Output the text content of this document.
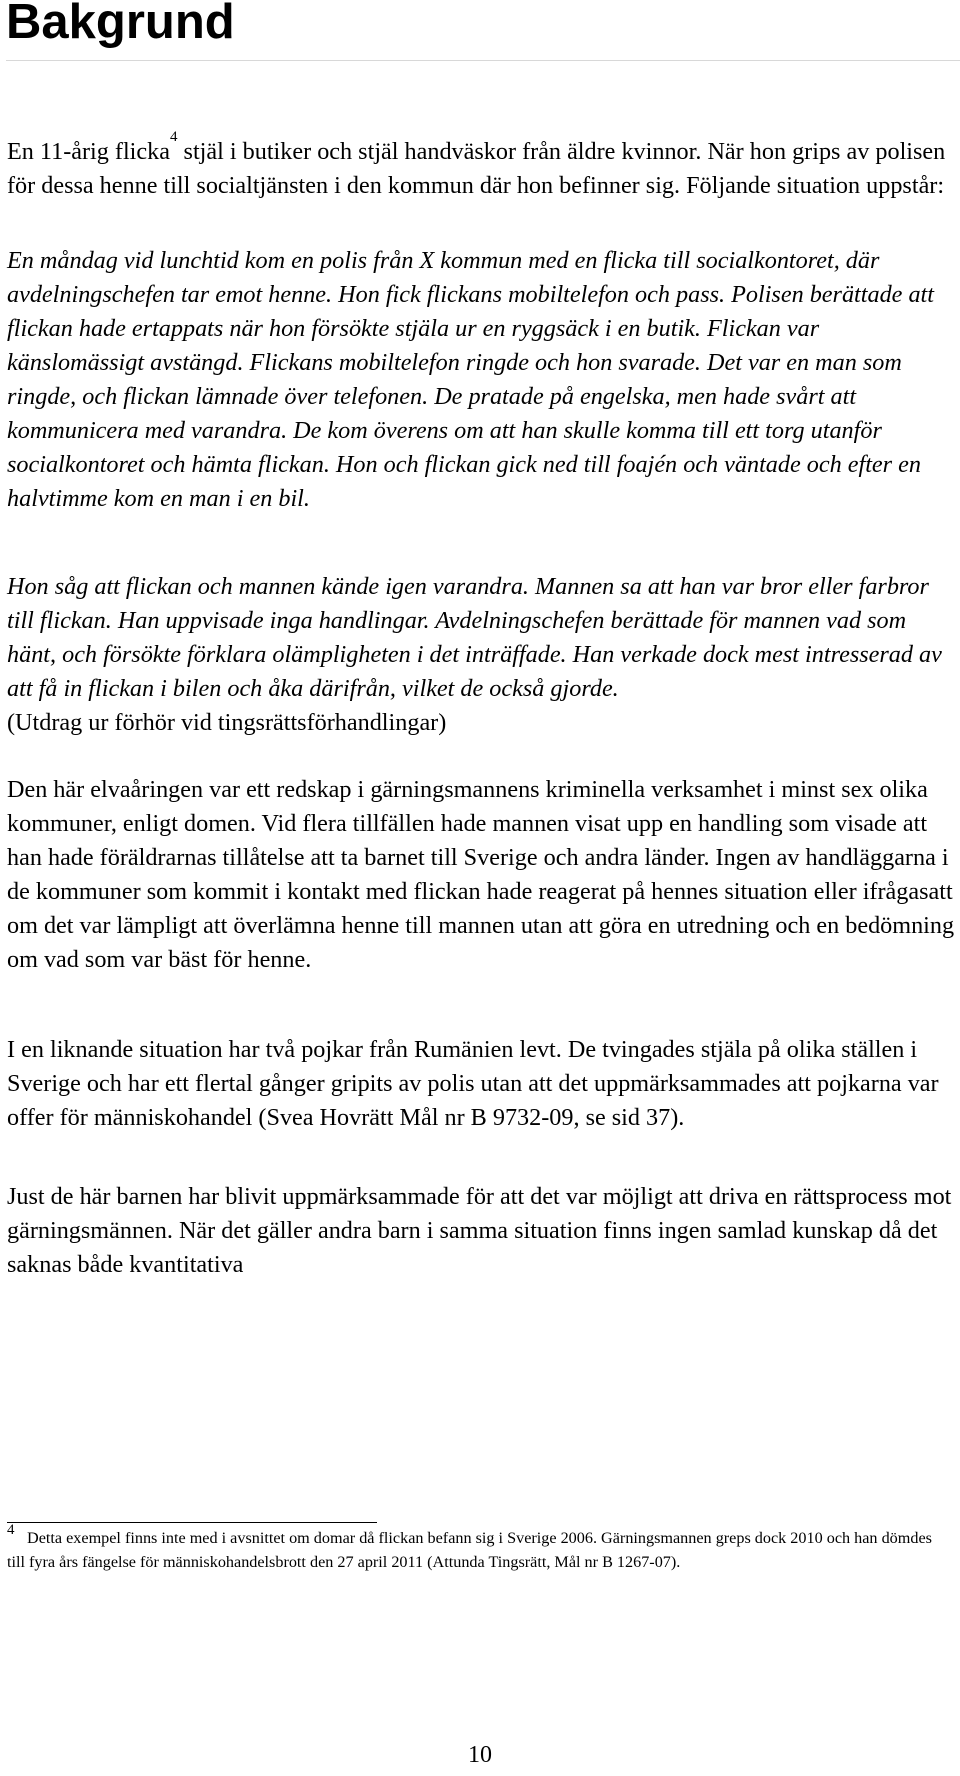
Bakgrund

En 11-årig flicka$^4$ stjäl i butiker och stjäl handväskor från äldre kvinnor. När hon grips av polisen för dessa henne till socialtjänsten i den kommun där hon befinner sig. Följande situation uppstår:

En måndag vid lunchtid kom en polis från X kommun med en flicka till socialkontoret, där avdelningschefen tar emot henne. Hon fick flickans mobiltelefon och pass. Polisen berättade att flickan hade ertappats när hon försökte stjäla ur en ryggsäck i en butik. Flickan var känslomässigt avstängd. Flickans mobiltelefon ringde och hon svarade. Det var en man som ringde, och flickan lämnade över telefonen. De pratade på engelska, men hade svårt att kommunicera med varandra. De kom överens om att han skulle komma till ett torg utanför socialkontoret och hämta flickan. Hon och flickan gick ned till foajén och väntade och efter en halvtimme kom en man i en bil.

Hon såg att flickan och mannen kände igen varandra. Mannen sa att han var bror eller farbror till flickan. Han uppvisade inga handlingar. Avdelningschefen berättade för mannen vad som hänt, och försökte förklara olämpligheten i det inträffade. Han verkade dock mest intresserad av att få in flickan i bilen och åka därifrån, vilket de också gjorde.

(Utdrag ur förhör vid tingsrättsförhandlingar)

Den här elvaåringen var ett redskap i gärningsmannens kriminella verksamhet i minst sex olika kommuner, enligt domen. Vid flera tillfällen hade mannen visat upp en handling som visade att han hade föräldrarnas tillåtelse att ta barnet till Sverige och andra länder. Ingen av handläggarna i de kommuner som kommit i kontakt med flickan hade reagerat på hennes situation eller ifrågasatt om det var lämpligt att överlämna henne till mannen utan att göra en utredning och en bedömning om vad som var bäst för henne.

I en liknande situation har två pojkar från Rumänien levt. De tvingades stjäla på olika ställen i Sverige och har ett flertal gånger gripits av polis utan att det uppmärksammades att pojkarna var offer för människohandel (Svea Hovrätt Mål nr B 9732-09, se sid 37).

Just de här barnen har blivit uppmärksammade för att det var möjligt att driva en rättsprocess mot gärningsmännen. När det gäller andra barn i samma situation finns ingen samlad kunskap då det saknas både kvantitativa

4 Detta exempel finns inte med i avsnittet om domar då flickan befann sig i Sverige 2006. Gärningsmannen greps dock 2010 och han dömdes till fyra års fängelse för människohandelsbrott den 27 april 2011 (Attunda Tingsrätt, Mål nr B 1267-07).

10
